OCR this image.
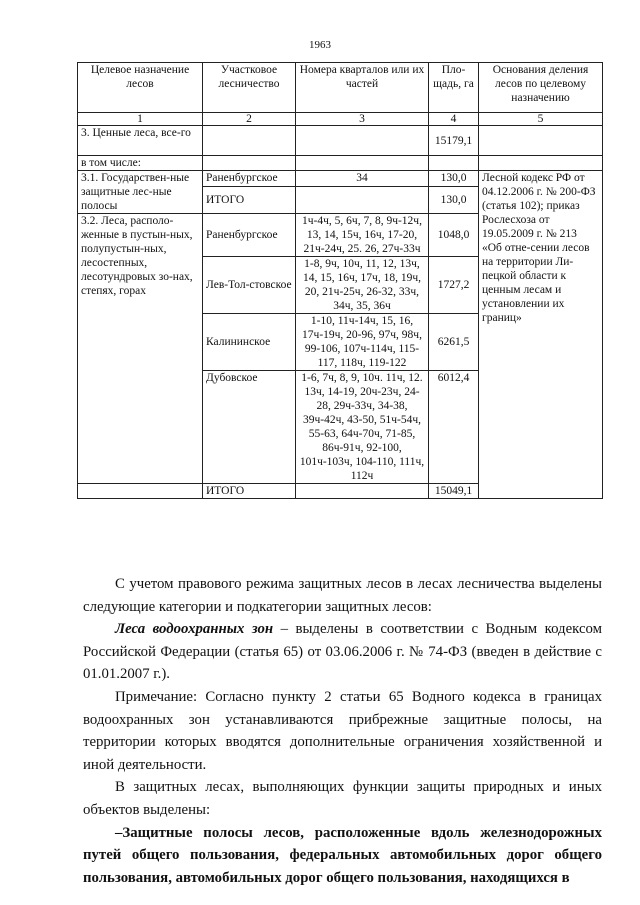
1963
Целевое назначение лесов	Участковое лесничество	Номера кварталов или их частей	Пло-щадь, га	Основания деления лесов по целевому назначению	
1	2	3	4	5	
3. Ценные леса, все-го			15179,1		
в том числе:					
3.1. Государствен-ные защитные лес-ные полосы	Раненбургское	34	130,0	Лесной кодекс РФ от 04.12.2006 г. № 200-ФЗ (статья 102); приказ Рослесхоза от 19.05.2009 г. № 213 «Об отне-сении лесов на территории Ли-пецкой области к ценным лесам и установлении их границ»	
	ИТОГО		130,0		
3.2. Леса, располо-женные в пустын-ных, полупустын-ных, лесостепных, лесотундровых зо-нах, степях, горах	Раненбургское	1ч-4ч, 5, 6ч, 7, 8, 9ч-12ч, 13, 14, 15ч, 16ч, 17-20, 21ч-24ч, 25. 26, 27ч-33ч	1048,0		
	Лев-Тол-стовское	1-8, 9ч, 10ч, 11, 12, 13ч, 14, 15, 16ч, 17ч, 18, 19ч, 20, 21ч-25ч, 26-32, 33ч, 34ч, 35, 36ч	1727,2		
	Калининское	1-10, 11ч-14ч, 15, 16, 17ч-19ч, 20-96, 97ч, 98ч, 99-106, 107ч-114ч, 115-117, 118ч, 119-122	6261,5		
	Дубовское	1-6, 7ч, 8, 9, 10ч. 11ч, 12. 13ч, 14-19, 20ч-23ч, 24-28, 29ч-33ч, 34-38, 39ч-42ч, 43-50, 51ч-54ч, 55-63, 64ч-70ч, 71-85, 86ч-91ч, 92-100, 101ч-103ч, 104-110, 111ч, 112ч	6012,4		
	ИТОГО		15049,1		

С учетом правового режима защитных лесов в лесах лесничества выделены следующие категории и подкатегории защитных лесов:

Леса водоохранных зон – выделены в соответствии с Водным кодексом Российской Федерации (статья 65) от 03.06.2006 г. № 74-ФЗ (введен в действие с 01.01.2007 г.).

Примечание: Согласно пункту 2 статьи 65 Водного кодекса в границах водоохранных зон устанавливаются прибрежные защитные полосы, на территории которых вводятся дополнительные ограничения хозяйственной и иной деятельности.

В защитных лесах, выполняющих функции защиты природных и иных объектов выделены:

–Защитные полосы лесов, расположенные вдоль железнодорожных путей общего пользования, федеральных автомобильных дорог общего пользования, автомобильных дорог общего пользования, находящихся в
